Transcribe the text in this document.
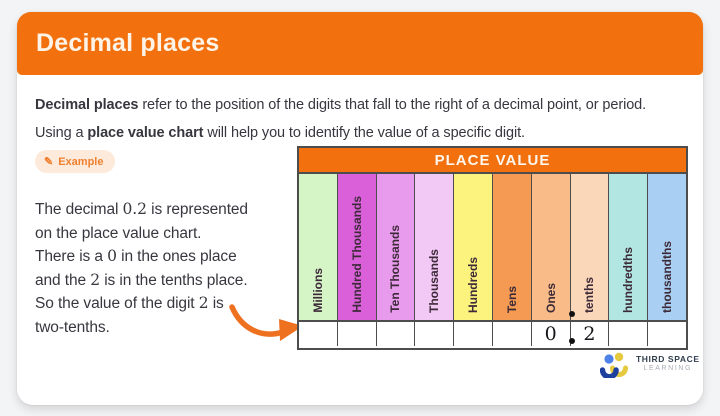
Decimal places
Decimal places refer to the position of the digits that fall to the right of a decimal point, or period.
Using a place value chart will help you to identify the value of a specific digit.
✎ Example
The decimal 0.2 is represented
on the place value chart.
There is a 0 in the ones place
and the 2 is in the tenths place.
So the value of the digit 2 is
two-tenths.
PLACE VALUE
Millions Hundred Thousands Ten Thousands Thousands Hundreds Tens Ones tenths hundredths thousandths
0	2
THIRD SPACE
LEARNING
